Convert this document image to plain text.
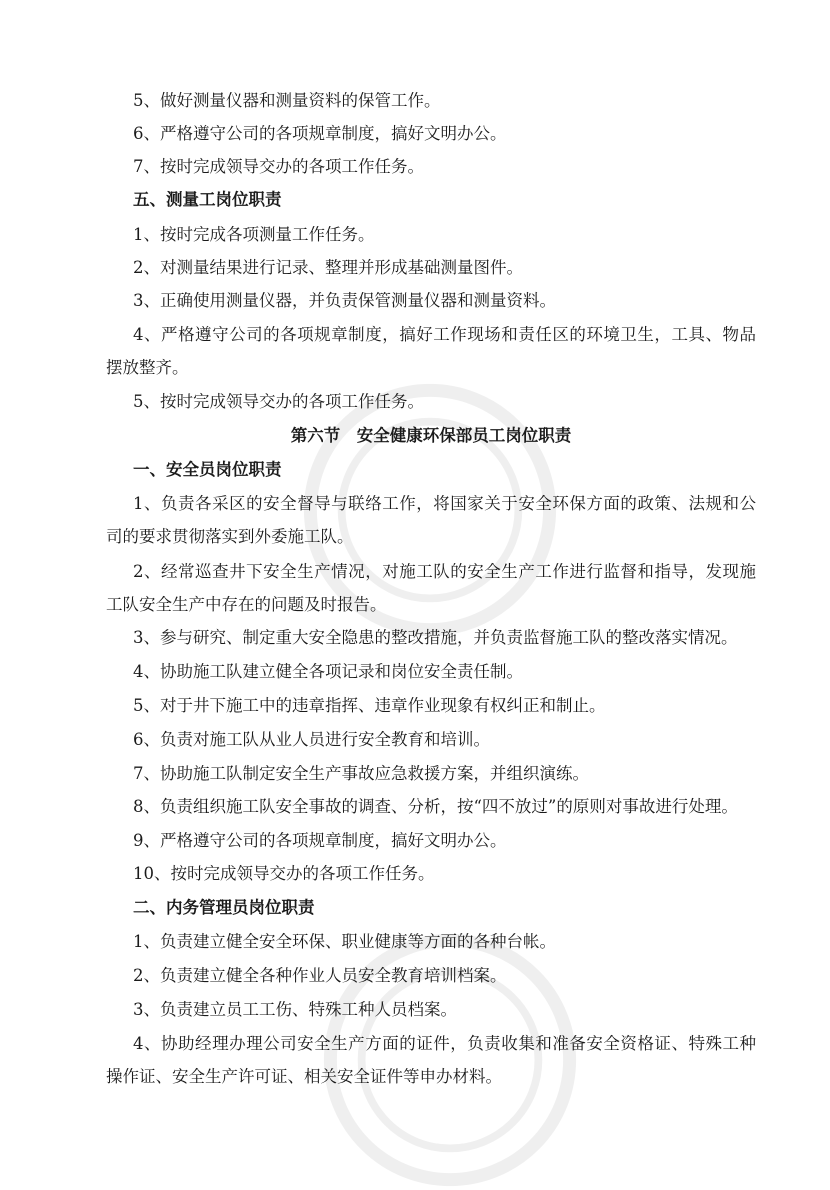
5、做好测量仪器和测量资料的保管工作。
6、严格遵守公司的各项规章制度，搞好文明办公。
7、按时完成领导交办的各项工作任务。
五、测量工岗位职责
1、按时完成各项测量工作任务。
2、对测量结果进行记录、整理并形成基础测量图件。
3、正确使用测量仪器，并负责保管测量仪器和测量资料。
4、严格遵守公司的各项规章制度，搞好工作现场和责任区的环境卫生，工具、物品
摆放整齐。
5、按时完成领导交办的各项工作任务。
第六节　安全健康环保部员工岗位职责
一、安全员岗位职责
1、负责各采区的安全督导与联络工作，将国家关于安全环保方面的政策、法规和公
司的要求贯彻落实到外委施工队。
2、经常巡查井下安全生产情况，对施工队的安全生产工作进行监督和指导，发现施
工队安全生产中存在的问题及时报告。
3、参与研究、制定重大安全隐患的整改措施，并负责监督施工队的整改落实情况。
4、协助施工队建立健全各项记录和岗位安全责任制。
5、对于井下施工中的违章指挥、违章作业现象有权纠正和制止。
6、负责对施工队从业人员进行安全教育和培训。
7、协助施工队制定安全生产事故应急救援方案，并组织演练。
8、负责组织施工队安全事故的调查、分析，按“四不放过”的原则对事故进行处理。
9、严格遵守公司的各项规章制度，搞好文明办公。
10、按时完成领导交办的各项工作任务。
二、内务管理员岗位职责
1、负责建立健全安全环保、职业健康等方面的各种台帐。
2、负责建立健全各种作业人员安全教育培训档案。
3、负责建立员工工伤、特殊工种人员档案。
4、协助经理办理公司安全生产方面的证件，负责收集和准备安全资格证、特殊工种
操作证、安全生产许可证、相关安全证件等申办材料。
